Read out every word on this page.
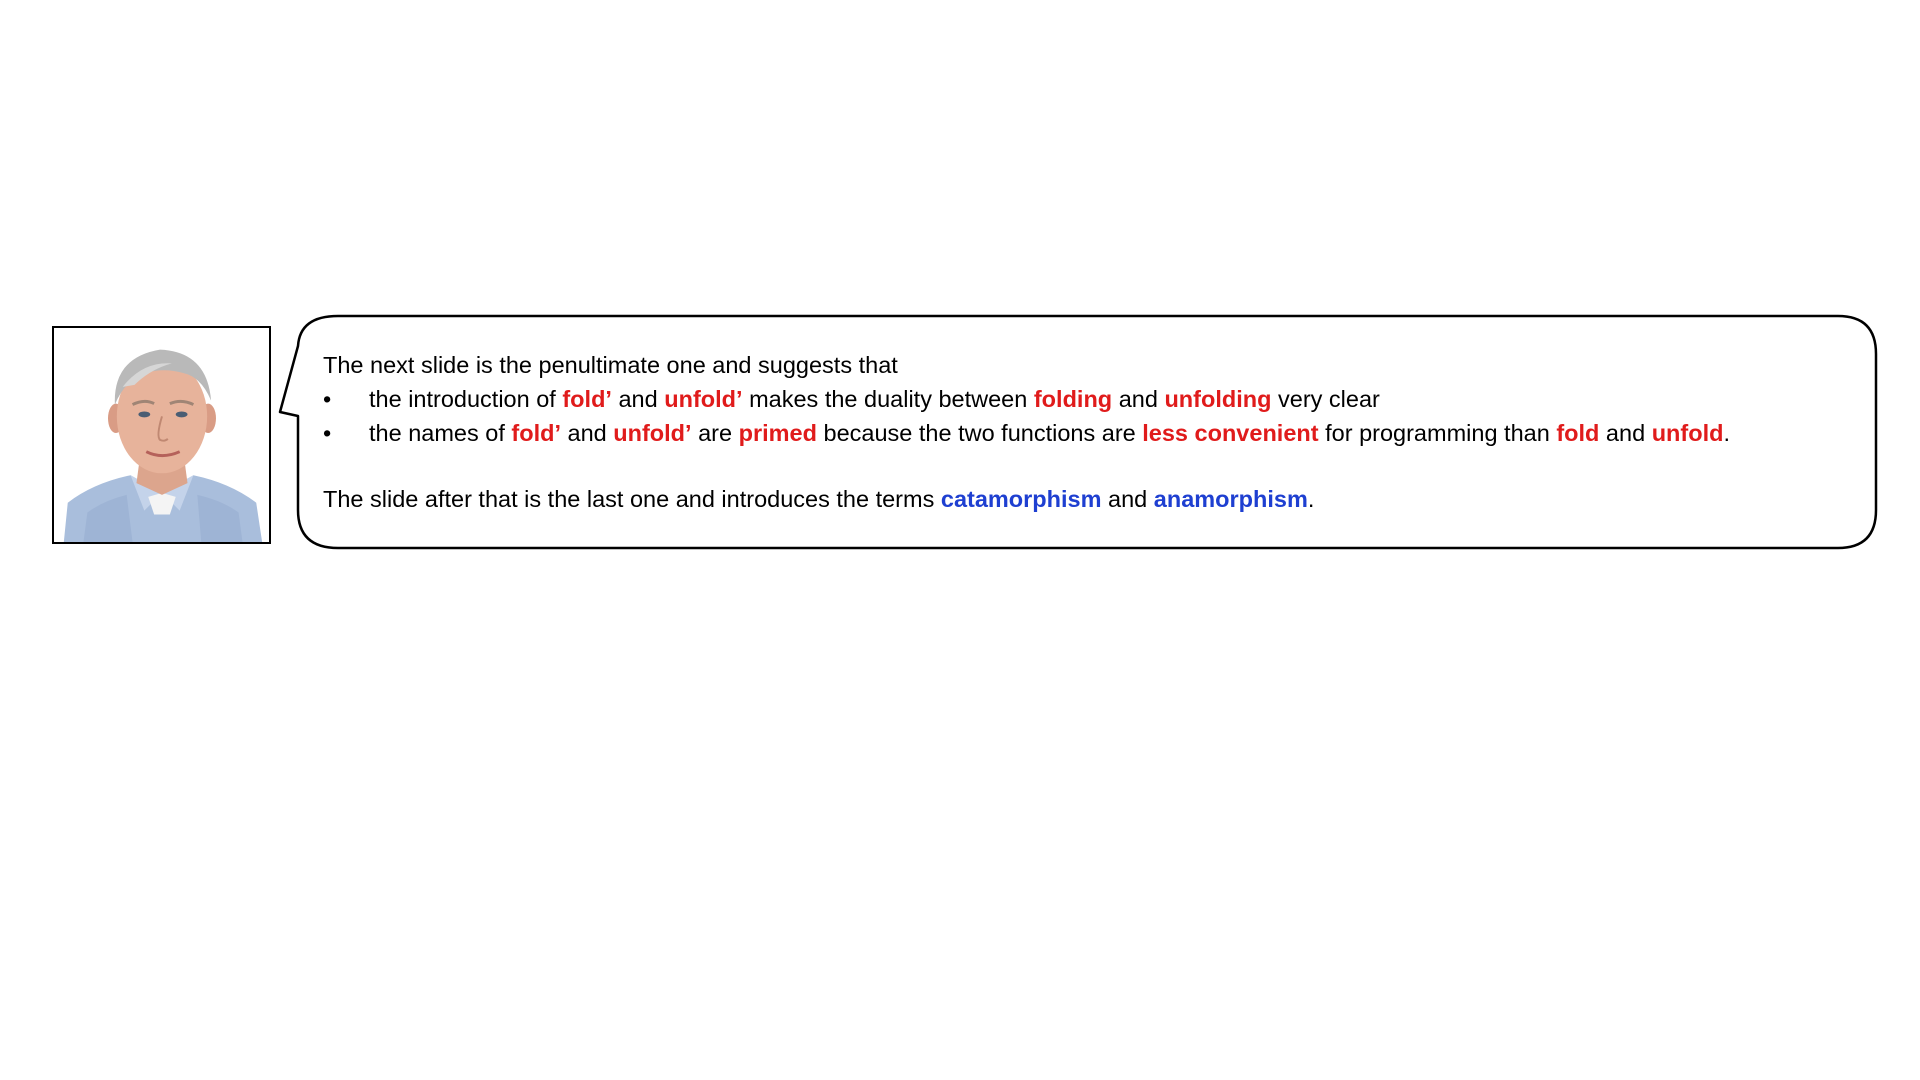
The next slide is the penultimate one and suggests that
• the introduction of fold’ and unfold’ makes the duality between folding and unfolding very clear
• the names of fold’ and unfold’ are primed because the two functions are less convenient for programming than fold and unfold.
The slide after that is the last one and introduces the terms catamorphism and anamorphism.
